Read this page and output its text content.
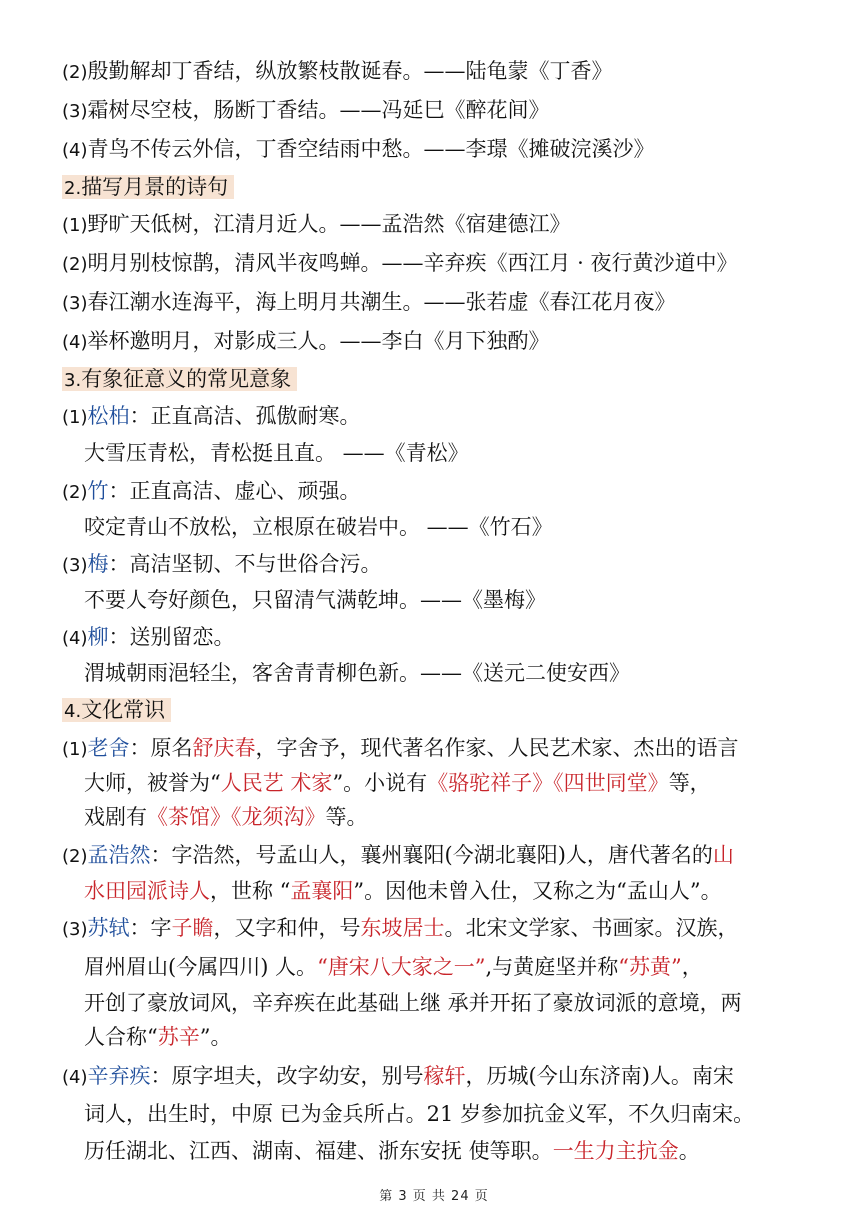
(2)殷勤解却丁香结，纵放繁枝散诞春。——陆龟蒙《丁香》
(3)霜树尽空枝，肠断丁香结。——冯延巳《醉花间》
(4)青鸟不传云外信，丁香空结雨中愁。——李璟《摊破浣溪沙》
2.描写月景的诗句
(1)野旷天低树，江清月近人。——孟浩然《宿建德江》
(2)明月别枝惊鹊，清风半夜鸣蝉。——辛弃疾《西江月 · 夜行黄沙道中》
(3)春江潮水连海平，海上明月共潮生。——张若虚《春江花月夜》
(4)举杯邀明月，对影成三人。——李白《月下独酌》
3.有象征意义的常见意象
(1)松柏：正直高洁、孤傲耐寒。
大雪压青松，青松挺且直。 ——《青松》
(2)竹：正直高洁、虚心、顽强。
咬定青山不放松，立根原在破岩中。 ——《竹石》
(3)梅：高洁坚韧、不与世俗合污。
不要人夸好颜色，只留清气满乾坤。——《墨梅》
(4)柳：送别留恋。
渭城朝雨浥轻尘，客舍青青柳色新。——《送元二使安西》
4.文化常识
(1)老舍：原名舒庆春，字舍予，现代著名作家、人民艺术家、杰出的语言
大师，被誉为“人民艺 术家”。小说有《骆驼祥子》《四世同堂》等，
戏剧有《茶馆》《龙须沟》等。
(2)孟浩然：字浩然，号孟山人，襄州襄阳(今湖北襄阳)人，唐代著名的山
水田园派诗人，世称 “孟襄阳”。因他未曾入仕，又称之为“孟山人”。
(3)苏轼：字子瞻，又字和仲，号东坡居士。北宋文学家、书画家。汉族，
眉州眉山(今属四川) 人。“唐宋八大家之一”,与黄庭坚并称“苏黄”，
开创了豪放词风，辛弃疾在此基础上继 承并开拓了豪放词派的意境，两
人合称“苏辛”。
(4)辛弃疾：原字坦夫，改字幼安，别号稼轩，历城(今山东济南)人。南宋
词人，出生时，中原 已为金兵所占。21 岁参加抗金义军，不久归南宋。
历任湖北、江西、湖南、福建、浙东安抚 使等职。一生力主抗金。
第 3 页 共 24 页
